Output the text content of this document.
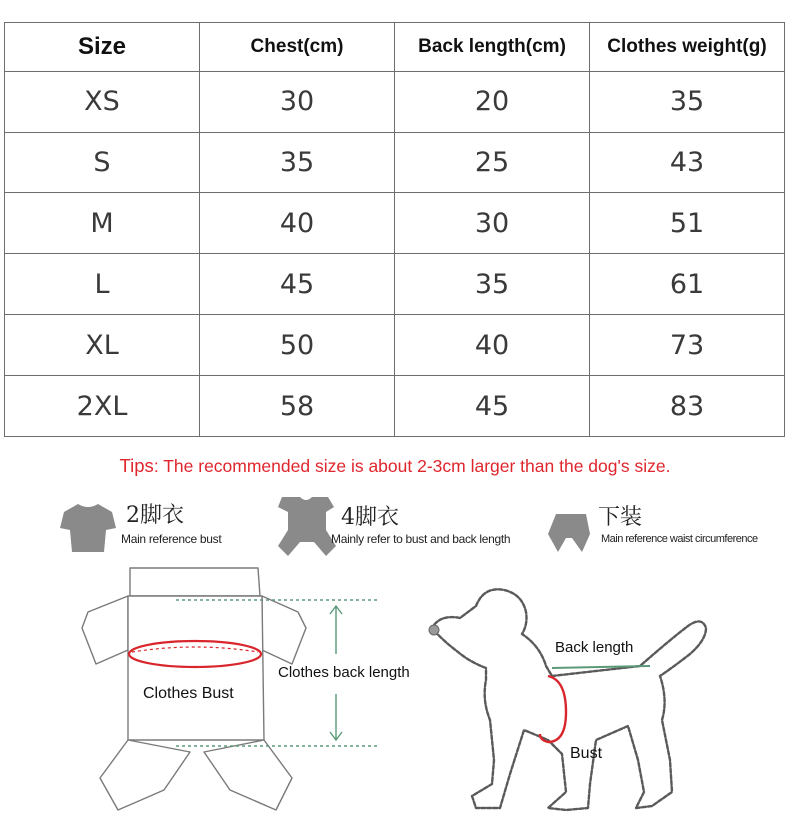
Size	Chest(cm)	Back length(cm)	Clothes weight(g)
XS	30	20	35
S	35	25	43
M	40	30	51
L	45	35	61
XL	50	40	73
2XL	58	45	83
Tips: The recommended size is about 2-3cm larger than the dog's size.
2脚衣
Main reference bust
4脚衣
Mainly refer to bust and back length
下装
Main reference waist circumference
Clothes Bust
Clothes back length
Back length
Bust
